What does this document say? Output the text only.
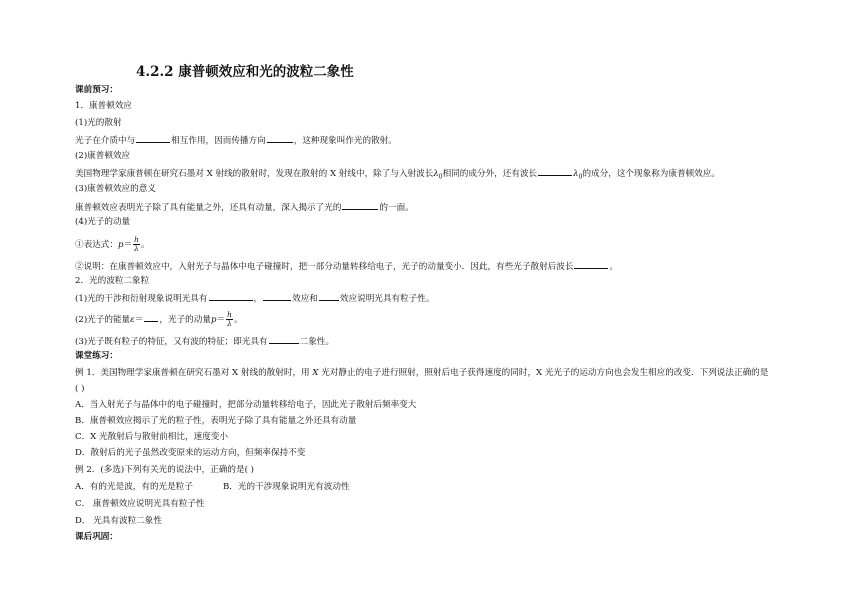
4.2.2 康普顿效应和光的波粒二象性
课前预习：
1．康普顿效应
(1)光的散射
光子在介质中与	相互作用，因而传播方向	，这种现象叫作光的散射。
(2)康普顿效应
美国物理学家康普顿在研究石墨对 X 射线的散射时，发现在散射的 X 射线中，除了与入射波长$\lambda_0$相同的成分外，还有波长	$\lambda_0$的成分，这个现象称为康普顿效应。
(3)康普顿效应的意义
康普顿效应表明光子除了具有能量之外，还具有动量，深入揭示了光的	的一面。
(4)光子的动量
①表达式：$p= \frac{h}{\lambda}$ 。
②说明：在康普顿效应中，入射光子与晶体中电子碰撞时，把一部分动量转移给电子，光子的动量变小．因此，有些光子散射后波长	。
2．光的波粒二象粒
(1)光的干涉和衍射现象说明光具有	，	效应和	效应说明光具有粒子性。
(2)光子的能量ε＝ ，光子的动量$p= \frac{h}{\lambda}$ 。
(3)光子既有粒子的特征，又有波的特征；即光具有	二象性。
课堂练习：
例 1．美国物理学家康普顿在研究石墨对 X 射线的散射时，用 X 光对静止的电子进行照射，照射后电子获得速度的同时，X 光光子的运动方向也会发生相应的改变．下列说法正确的是
( )
A．当入射光子与晶体中的电子碰撞时，把部分动量转移给电子，因此光子散射后频率变大
B．康普顿效应揭示了光的粒子性，表明光子除了具有能量之外还具有动量
C．X 光散射后与散射前相比，速度变小
D．散射后的光子虽然改变原来的运动方向，但频率保持不变
例 2．(多选)下列有关光的说法中，正确的是( )
A．有的光是波，有的光是粒子	B．光的干涉现象说明光有波动性
C． 康普顿效应说明光具有粒子性
D． 光具有波粒二象性
课后巩固：
